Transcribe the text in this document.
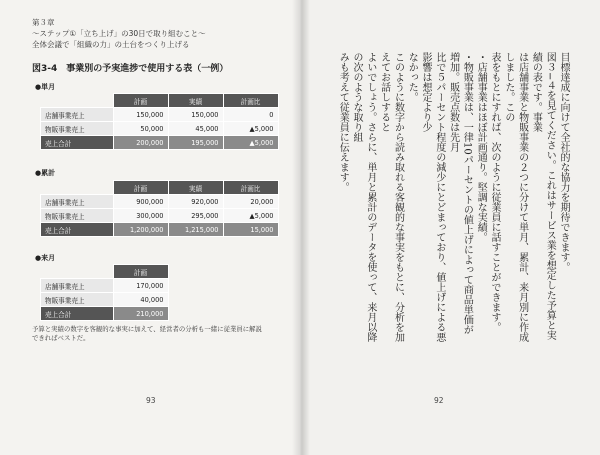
第３章
〜ステップ①「立ち上げ」の30日で取り組むこと〜
全体会議で「組織の力」の土台をつくり上げる
図3-4　事業別の予実進捗で使用する表（一例）
●単月
	計画	実績	計画比
店舗事業売上	150,000	150,000	0
物販事業売上	50,000	45,000	▲5,000
売上合計	200,000	195,000	▲5,000
●累計
	計画	実績	計画比
店舗事業売上	900,000	920,000	20,000
物販事業売上	300,000	295,000	▲5,000
売上合計	1,200,000	1,215,000	15,000
●来月
	計画
店舗事業売上	170,000
物販事業売上	40,000
売上合計	210,000
予算と実績の数字を客観的な事実に加えて、経営者の分析も一緒に従業員に解説できればベストだ。
93
目標達成に向けて全社的な協力を期待できます。
図３−４を見てください。これはサービス業を想定した予算と実績の表です。事業
は店舗事業と物販事業の２つに分けて単月、累計、来月別に作成しました。この
表をもとにすれば、次のように従業員に話すことができます。
・店舗事業はほぼ計画通り。堅調な実績。
・物販事業は、一律10パーセントの値上げによって商品単価が増加。販売点数は先月
比で５パーセント程度の減少にとどまっており、値上げによる悪影響は想定より少
なかった。
このように数字から読み取れる客観的な事実をもとに、分析を加えてお話しすると
よいでしょう。さらに、単月と累計のデータを使って、来月以降の次のような取り組
みも考えて従業員に伝えます。
92
